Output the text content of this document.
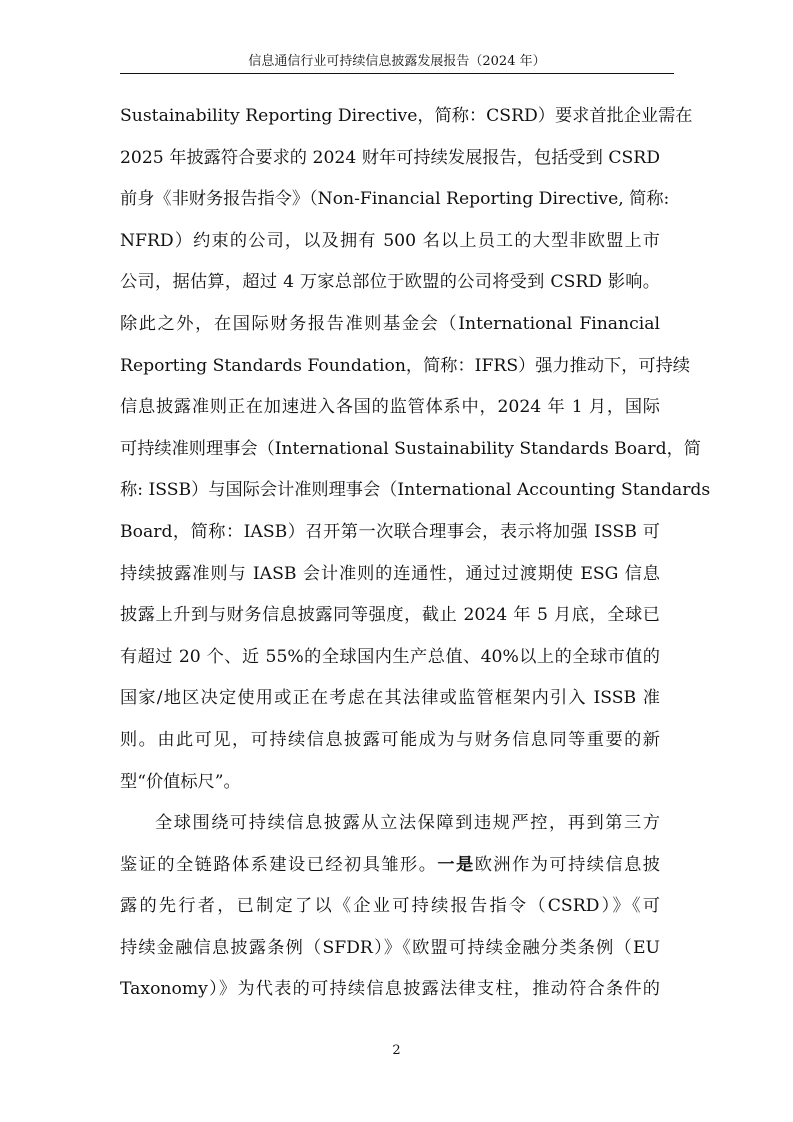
信息通信行业可持续信息披露发展报告（2024 年）
Sustainability Reporting Directive，简称：CSRD）要求首批企业需在
2025 年披露符合要求的 2024 财年可持续发展报告，包括受到 CSRD
前身《非财务报告指令》（Non-Financial Reporting Directive, 简称:
NFRD）约束的公司，以及拥有 500 名以上员工的大型非欧盟上市
公司，据估算，超过 4 万家总部位于欧盟的公司将受到 CSRD 影响。
除此之外，在国际财务报告准则基金会（International Financial
Reporting Standards Foundation，简称：IFRS）强力推动下，可持续
信息披露准则正在加速进入各国的监管体系中，2024 年 1 月，国际
可持续准则理事会（International Sustainability Standards Board，简
称: ISSB）与国际会计准则理事会（International Accounting Standards
Board，简称：IASB）召开第一次联合理事会，表示将加强 ISSB 可
持续披露准则与 IASB 会计准则的连通性，通过过渡期使 ESG 信息
披露上升到与财务信息披露同等强度，截止 2024 年 5 月底，全球已
有超过 20 个、近 55%的全球国内生产总值、40%以上的全球市值的
国家/地区决定使用或正在考虑在其法律或监管框架内引入 ISSB 准
则。由此可见，可持续信息披露可能成为与财务信息同等重要的新
型“价值标尺”。
全球围绕可持续信息披露从立法保障到违规严控，再到第三方
鉴证的全链路体系建设已经初具雏形。一是欧洲作为可持续信息披
露的先行者，已制定了以《企业可持续报告指令（CSRD）》《可
持续金融信息披露条例（SFDR）》《欧盟可持续金融分类条例（EU
Taxonomy）》为代表的可持续信息披露法律支柱，推动符合条件的
2
